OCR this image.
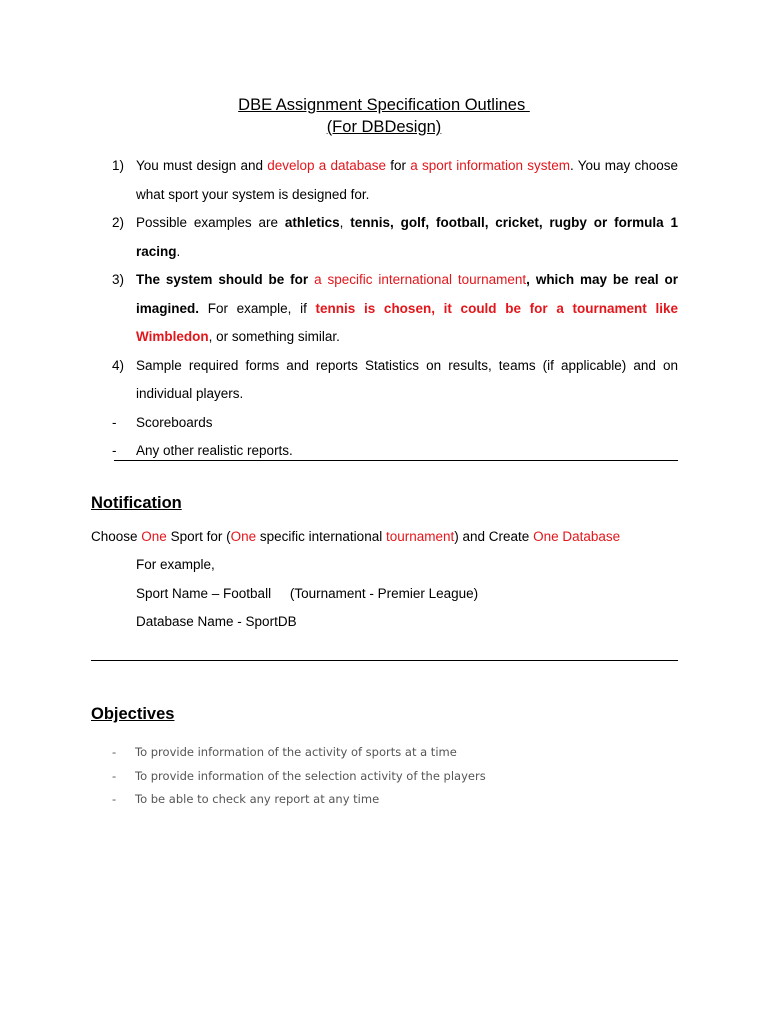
DBE Assignment Specification Outlines
(For DBDesign)
1) You must design and develop a database for a sport information system. You may choose what sport your system is designed for.
2) Possible examples are athletics, tennis, golf, football, cricket, rugby or formula 1 racing.
3) The system should be for a specific international tournament, which may be real or imagined. For example, if tennis is chosen, it could be for a tournament like Wimbledon, or something similar.
4) Sample required forms and reports Statistics on results, teams (if applicable) and on individual players.
- Scoreboards
- Any other realistic reports.
Notification
Choose One Sport for (One specific international tournament) and Create One Database
For example,
Sport Name – Football     (Tournament - Premier League)
Database Name - SportDB
Objectives
- To provide information of the activity of sports at a time
- To provide information of the selection activity of the players
- To be able to check any report at any time
